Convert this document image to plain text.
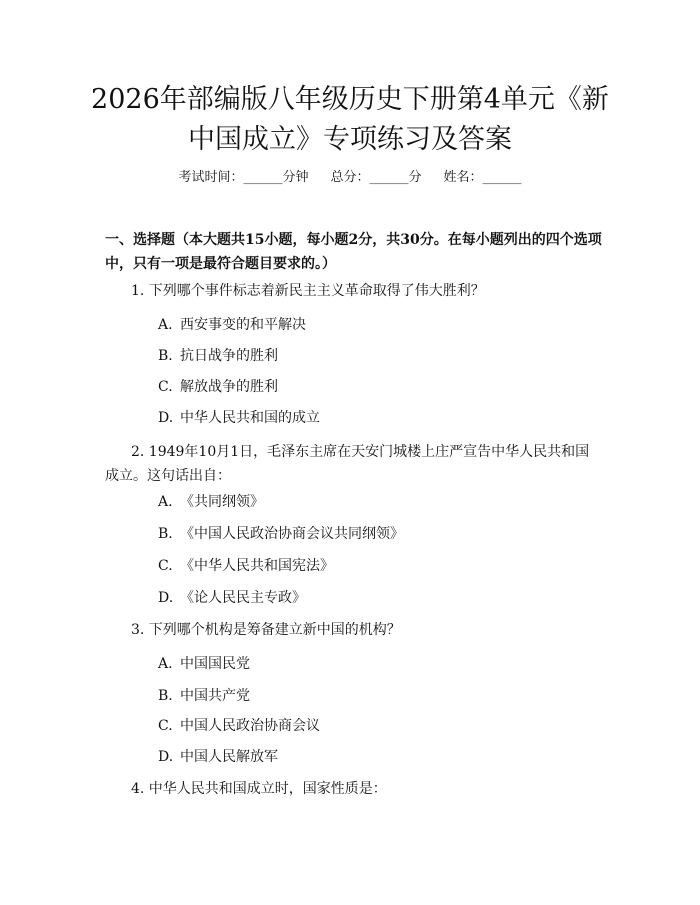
2026年部编版八年级历史下册第4单元《新中国成立》专项练习及答案
考试时间：______分钟 总分：______分 姓名：______

一、选择题（本大题共15小题，每小题2分，共30分。在每小题列出的四个选项中，只有一项是最符合题目要求的。）

1. 下列哪个事件标志着新民主主义革命取得了伟大胜利？

A. 西安事变的和平解决

B. 抗日战争的胜利

C. 解放战争的胜利

D. 中华人民共和国的成立

2. 1949年10月1日，毛泽东主席在天安门城楼上庄严宣告中华人民共和国成立。这句话出自：

A. 《共同纲领》

B. 《中国人民政治协商会议共同纲领》

C. 《中华人民共和国宪法》

D. 《论人民民主专政》

3. 下列哪个机构是筹备建立新中国的机构？

A. 中国国民党

B. 中国共产党

C. 中国人民政治协商会议

D. 中国人民解放军

4. 中华人民共和国成立时，国家性质是：
